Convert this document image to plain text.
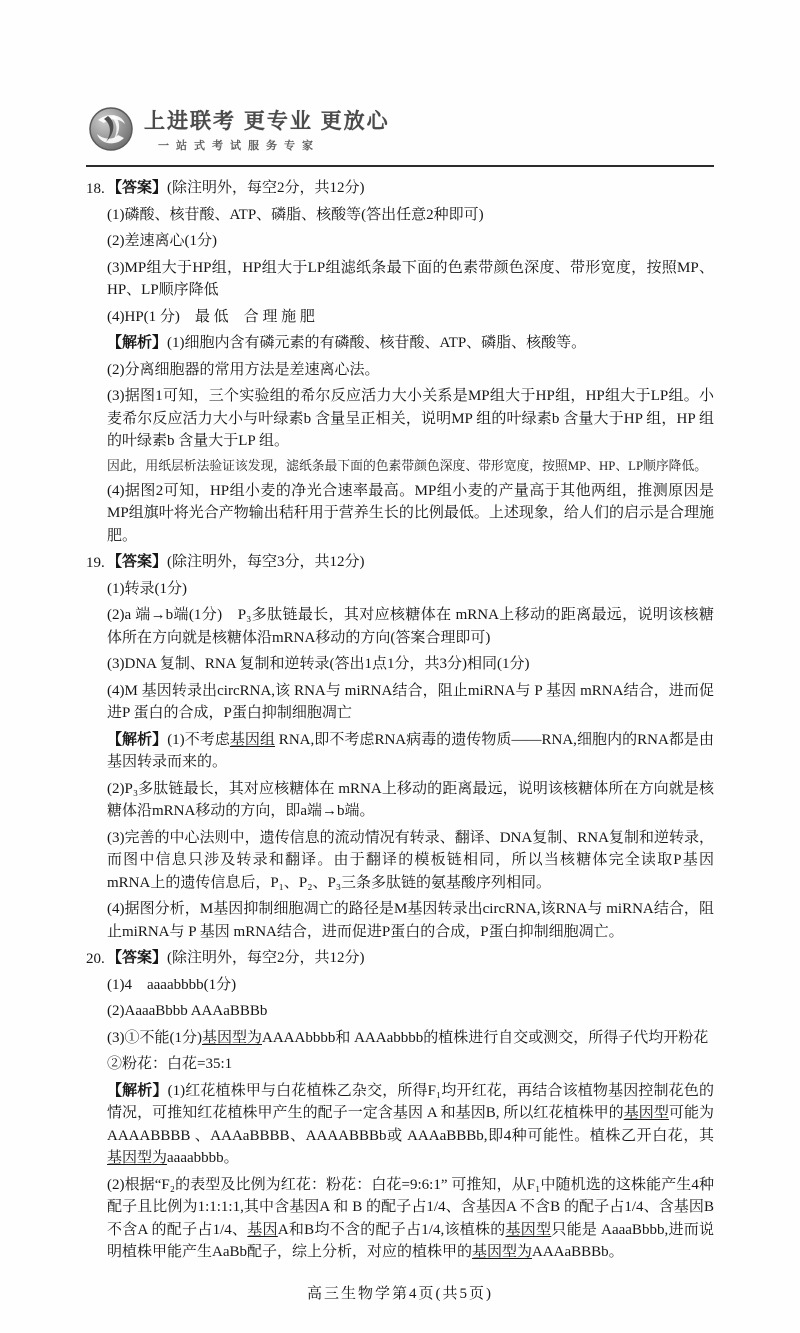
上进联考 更专业 更放心
一站式考试服务专家
18. 【答案】(除注明外，每空2分，共12分)

(1)磷酸、核苷酸、ATP、磷脂、核酸等(答出任意2种即可)

(2)差速离心(1分)

(3)MP组大于HP组，HP组大于LP组滤纸条最下面的色素带颜色深度、带形宽度，按照MP、HP、LP顺序降低

(4)HP(1 分)　最 低　合 理 施 肥

【解析】(1)细胞内含有磷元素的有磷酸、核苷酸、ATP、磷脂、核酸等。

(2)分离细胞器的常用方法是差速离心法。

(3)据图1可知，三个实验组的希尔反应活力大小关系是MP组大于HP组，HP组大于LP组。小麦希尔反应活力大小与叶绿素b 含量呈正相关，说明MP 组的叶绿素b 含量大于HP 组，HP 组的叶绿素b 含量大于LP 组。

因此，用纸层析法验证该发现，滤纸条最下面的色素带颜色深度、带形宽度，按照MP、HP、LP顺序降低。

(4)据图2可知，HP组小麦的净光合速率最高。MP组小麦的产量高于其他两组，推测原因是MP组旗叶将光合产物输出秸秆用于营养生长的比例最低。上述现象，给人们的启示是合理施肥。

19. 【答案】(除注明外，每空3分，共12分)

(1)转录(1分)

(2)a 端→b端(1分)　P₃多肽链最长，其对应核糖体在 mRNA上移动的距离最远，说明该核糖体所在方向就是核糖体沿mRNA移动的方向(答案合理即可)

(3)DNA 复制、RNA 复制和逆转录(答出1点1分，共3分)相同(1分)

(4)M 基因转录出circRNA,该 RNA与 miRNA结合，阻止miRNA与 P 基因 mRNA结合，进而促进P 蛋白的合成，P蛋白抑制细胞凋亡

【解析】(1)不考虑基因组 RNA,即不考虑RNA病毒的遗传物质——RNA,细胞内的RNA都是由基因转录而来的。

(2)P₃多肽链最长，其对应核糖体在 mRNA上移动的距离最远，说明该核糖体所在方向就是核糖体沿mRNA移动的方向，即a端→b端。

(3)完善的中心法则中，遗传信息的流动情况有转录、翻译、DNA复制、RNA复制和逆转录，而图中信息只涉及转录和翻译。由于翻译的模板链相同，所以当核糖体完全读取P基因 mRNA上的遗传信息后，P₁、P₂、P₃三条多肽链的氨基酸序列相同。

(4)据图分析，M基因抑制细胞凋亡的路径是M基因转录出circRNA,该RNA与 miRNA结合，阻止miRNA与 P 基因 mRNA结合，进而促进P蛋白的合成，P蛋白抑制细胞凋亡。

20. 【答案】(除注明外，每空2分，共12分)

(1)4　aaaabbbb(1分)

(2)AaaaBbbb AAAaBBBb

(3)①不能(1分)基因型为AAAAbbbb和 AAAabbbb的植株进行自交或测交，所得子代均开粉花

②粉花：白花=35:1

【解析】(1)红花植株甲与白花植株乙杂交，所得F₁均开红花，再结合该植物基因控制花色的情况，可推知红花植株甲产生的配子一定含基因 A 和基因B, 所以红花植株甲的基因型可能为 AAAABBBB 、AAAaBBBB、AAAABBBb或 AAAaBBBb,即4种可能性。植株乙开白花，其基因型为aaaabbbb。

(2)根据“F₂的表型及比例为红花：粉花：白花=9:6:1” 可推知，从F₁中随机选的这株能产生4种配子且比例为1:1:1:1,其中含基因A 和 B 的配子占1/4、含基因A 不含B 的配子占1/4、含基因B 不含A 的配子占1/4、基因A和B均不含的配子占1/4,该植株的基因型只能是 AaaaBbbb,进而说明植株甲能产生AaBb配子，综上分析，对应的植株甲的基因型为AAAaBBBb。

高三生物学第4页(共5页)
